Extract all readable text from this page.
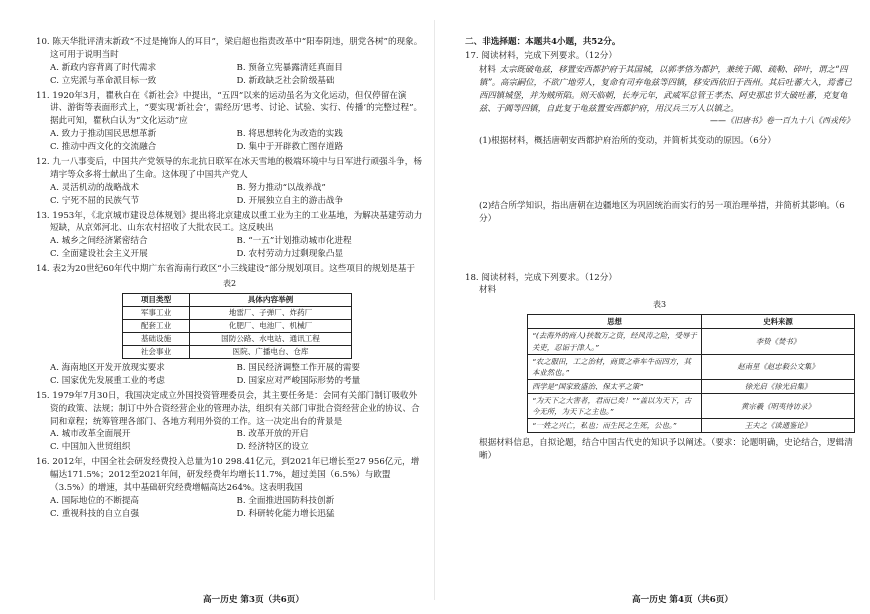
10. 陈天华批评清末新政“不过是掩饰人的耳目”，梁启超也指责改革中“阳奉阴违，朋党各树”的现象。这可用于说明当时
A. 新政内容背离了时代需求	B. 预备立宪暴露清廷真面目
C. 立宪派与革命派目标一致	D. 新政缺乏社会阶级基础
11. 1920年3月，瞿秋白在《新社会》中提出，“五四”以来的运动虽名为文化运动，但仅停留在演讲、游街等表面形式上，“要实现‘新社会’，需经历‘思考、讨论、试验、实行、传播’的完整过程”。据此可知，瞿秋白认为“文化运动”应
A. 致力于推动国民思想革新	B. 将思想转化为改造的实践
C. 推动中西文化的交流融合	D. 集中于开辟救亡图存道路
12. 九一八事变后，中国共产党领导的东北抗日联军在冰天雪地的极端环境中与日军进行顽强斗争，杨靖宇等众多将士献出了生命。这体现了中国共产党人
A. 灵活机动的战略战术	B. 努力推动“以战养战”
C. 宁死不屈的民族气节	D. 开展独立自主的游击战争
13. 1953年，《北京城市建设总体规划》提出将北京建成以重工业为主的工业基地，为解决基建劳动力短缺，从京郊河北、山东农村招收了大批农民工。这反映出
A. 城乡之间经济紧密结合	B. “一五”计划推动城市化进程
C. 全面建设社会主义开展	D. 农村劳动力过剩现象凸显
14. 表2为20世纪60年代中期广东省海南行政区“小三线建设”部分规划项目。这些项目的规划是基于
表2
项目类型	具体内容举例
军事工业	地雷厂、子弹厂、炸药厂
配套工业	化肥厂、电池厂、机械厂
基础设施	国防公路、水电站、通讯工程
社会事业	医院、广播电台、仓库
A. 海南地区开发开放现实要求	B. 国民经济调整工作开展的需要
C. 国家优先发展重工业的考虑	D. 国家应对严峻国际形势的考量
15. 1979年7月30日，我国决定成立外国投资管理委员会，其主要任务是：会同有关部门制订吸收外资的政策、法规；制订中外合资经营企业的管理办法，组织有关部门审批合资经营企业的协议、合同和章程；统筹管理各部门、各地方利用外资的工作。这一决定出台的背景是
A. 城市改革全面展开	B. 改革开放的开启
C. 中国加入世贸组织	D. 经济特区的设立
16. 2012年，中国全社会研发经费投入总量为10 298.41亿元，到2021年已增长至27 956亿元，增幅达171.5%；2012至2021年间，研发经费年均增长11.7%，超过美国（6.5%）与欧盟（3.5%）的增速，其中基础研究经费增幅高达264%。这表明我国
A. 国际地位的不断提高	B. 全面推进国防科技创新
C. 重视科技的自立自强	D. 科研转化能力增长迅猛
高一历史 第3页（共6页）
二、非选择题：本题共4小题，共52分。
17. 阅读材料，完成下列要求。（12分）
材料 太宗既破龟兹，移置安西都护府于其国城，以郭孝恪为都护，兼统于阗、疏勒、碎叶，谓之“四镇”。高宗嗣位，不欲广地劳人，复命有司弃龟兹等四镇，移安西依旧于西州。其后吐蕃大入，焉耆已西四镇城堡，并为贼所陷。则天临朝，长寿元年，武威军总管王孝杰、阿史那忠节大破吐蕃，克复龟兹、于阗等四镇，自此复于龟兹置安西都护府，用汉兵三万人以镇之。
——《旧唐书》卷一百九十八《西戎传》
(1)根据材料，概括唐朝安西都护府治所的变动，并简析其变动的原因。（6分）
(2)结合所学知识，指出唐朝在边疆地区为巩固统治而实行的另一项治理举措，并简析其影响。（6分）
18. 阅读材料，完成下列要求。（12分）
材料
表3
思想	史料来源
“(去海外的商人)挟数万之资，经风涛之险，受辱于关吏，忍诟于津人。”	李贽《焚书》
“农之服田，工之治材，商贾之牵车牛而四方，其本业然也。”	赵南星《赵忠毅公文集》
西学是“国家致盛治、保太平之策”	徐光启《徐光启集》
“为天下之大害者，君而已矣！”“盖以为天下，古今无所，为天下之主也。”	黄宗羲《明夷待访录》
“一姓之兴亡，私也；而生民之生死，公也。”	王夫之《读通鉴论》
根据材料信息，自拟论题，结合中国古代史的知识予以阐述。（要求：论题明确，史论结合，逻辑清晰）
高一历史 第4页（共6页）
